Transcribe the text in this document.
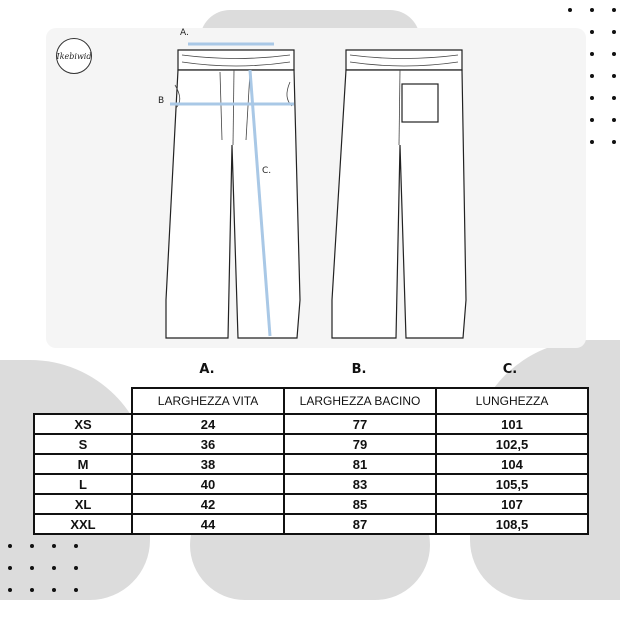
Ikebiwid
A.
B
C.
A.	B.	C.
	LARGHEZZA VITA	LARGHEZZA BACINO	LUNGHEZZA
XS	24	77	101
S	36	79	102,5
M	38	81	104
L	40	83	105,5
XL	42	85	107
XXL	44	87	108,5
